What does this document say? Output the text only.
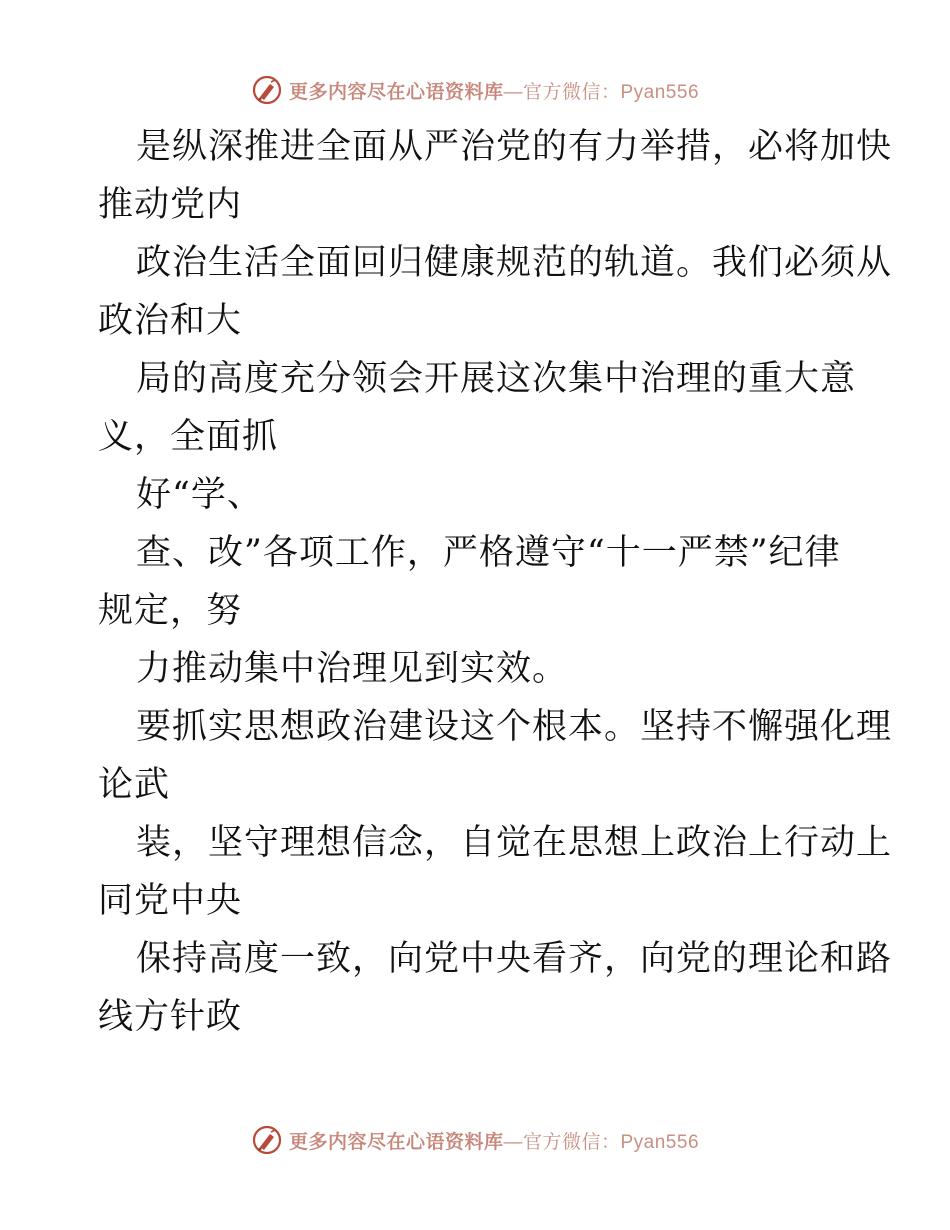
更多内容尽在心语资料库—官方微信：Pyan556
是纵深推进全面从严治党的有力举措，必将加快
推动党内
政治生活全面回归健康规范的轨道。我们必须从
政治和大
局的高度充分领会开展这次集中治理的重大意
义，全面抓
好“学、
查、改”各项工作，严格遵守“十一严禁”纪律
规定，努
力推动集中治理见到实效。
要抓实思想政治建设这个根本。坚持不懈强化理
论武
装，坚守理想信念，自觉在思想上政治上行动上
同党中央
保持高度一致，向党中央看齐，向党的理论和路
线方针政
更多内容尽在心语资料库—官方微信：Pyan556
